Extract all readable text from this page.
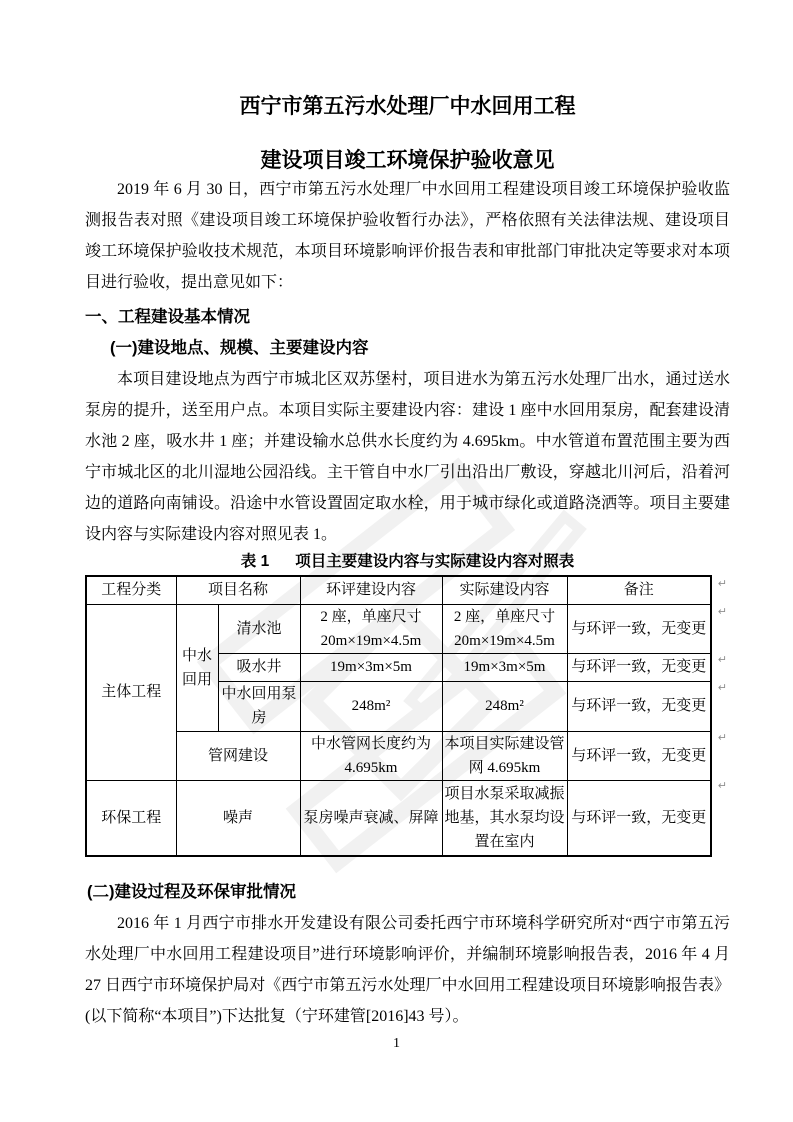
西宁市第五污水处理厂中水回用工程
建设项目竣工环境保护验收意见

2019 年 6 月 30 日，西宁市第五污水处理厂中水回用工程建设项目竣工环境保护验收监测报告表对照《建设项目竣工环境保护验收暂行办法》，严格依照有关法律法规、建设项目竣工环境保护验收技术规范，本项目环境影响评价报告表和审批部门审批决定等要求对本项目进行验收，提出意见如下：

一、工程建设基本情况
(一)建设地点、规模、主要建设内容

本项目建设地点为西宁市城北区双苏堡村，项目进水为第五污水处理厂出水，通过送水泵房的提升，送至用户点。本项目实际主要建设内容：建设 1 座中水回用泵房，配套建设清水池 2 座，吸水井 1 座；并建设输水总供水长度约为 4.695km。中水管道布置范围主要为西宁市城北区的北川湿地公园沿线。主干管自中水厂引出沿出厂敷设，穿越北川河后，沿着河边的道路向南铺设。沿途中水管设置固定取水栓，用于城市绿化或道路浇洒等。项目主要建设内容与实际建设内容对照见表 1。

表 1 项目主要建设内容与实际建设内容对照表
工程分类	项目名称		环评建设内容	实际建设内容	备注
主体工程	中水回用	清水池	2 座，单座尺寸 20m×19m×4.5m	2 座，单座尺寸 20m×19m×4.5m	与环评一致，无变更
		吸水井	19m×3m×5m	19m×3m×5m	与环评一致，无变更
		中水回用泵房	248m²	248m²	与环评一致，无变更
	管网建设		中水管网长度约为 4.695km	本项目实际建设管网 4.695km	与环评一致，无变更
环保工程	噪声		泵房噪声衰减、屏障	项目水泵采取减振地基，其水泵均设置在室内	与环评一致，无变更
↵
↵
↵
↵
↵
↵
(二)建设过程及环保审批情况

2016 年 1 月西宁市排水开发建设有限公司委托西宁市环境科学研究所对“西宁市第五污水处理厂中水回用工程建设项目”进行环境影响评价，并编制环境影响报告表，2016 年 4 月 27 日西宁市环境保护局对《西宁市第五污水处理厂中水回用工程建设项目环境影响报告表》(以下简称“本项目”)下达批复（宁环建管[2016]43 号）。

1
